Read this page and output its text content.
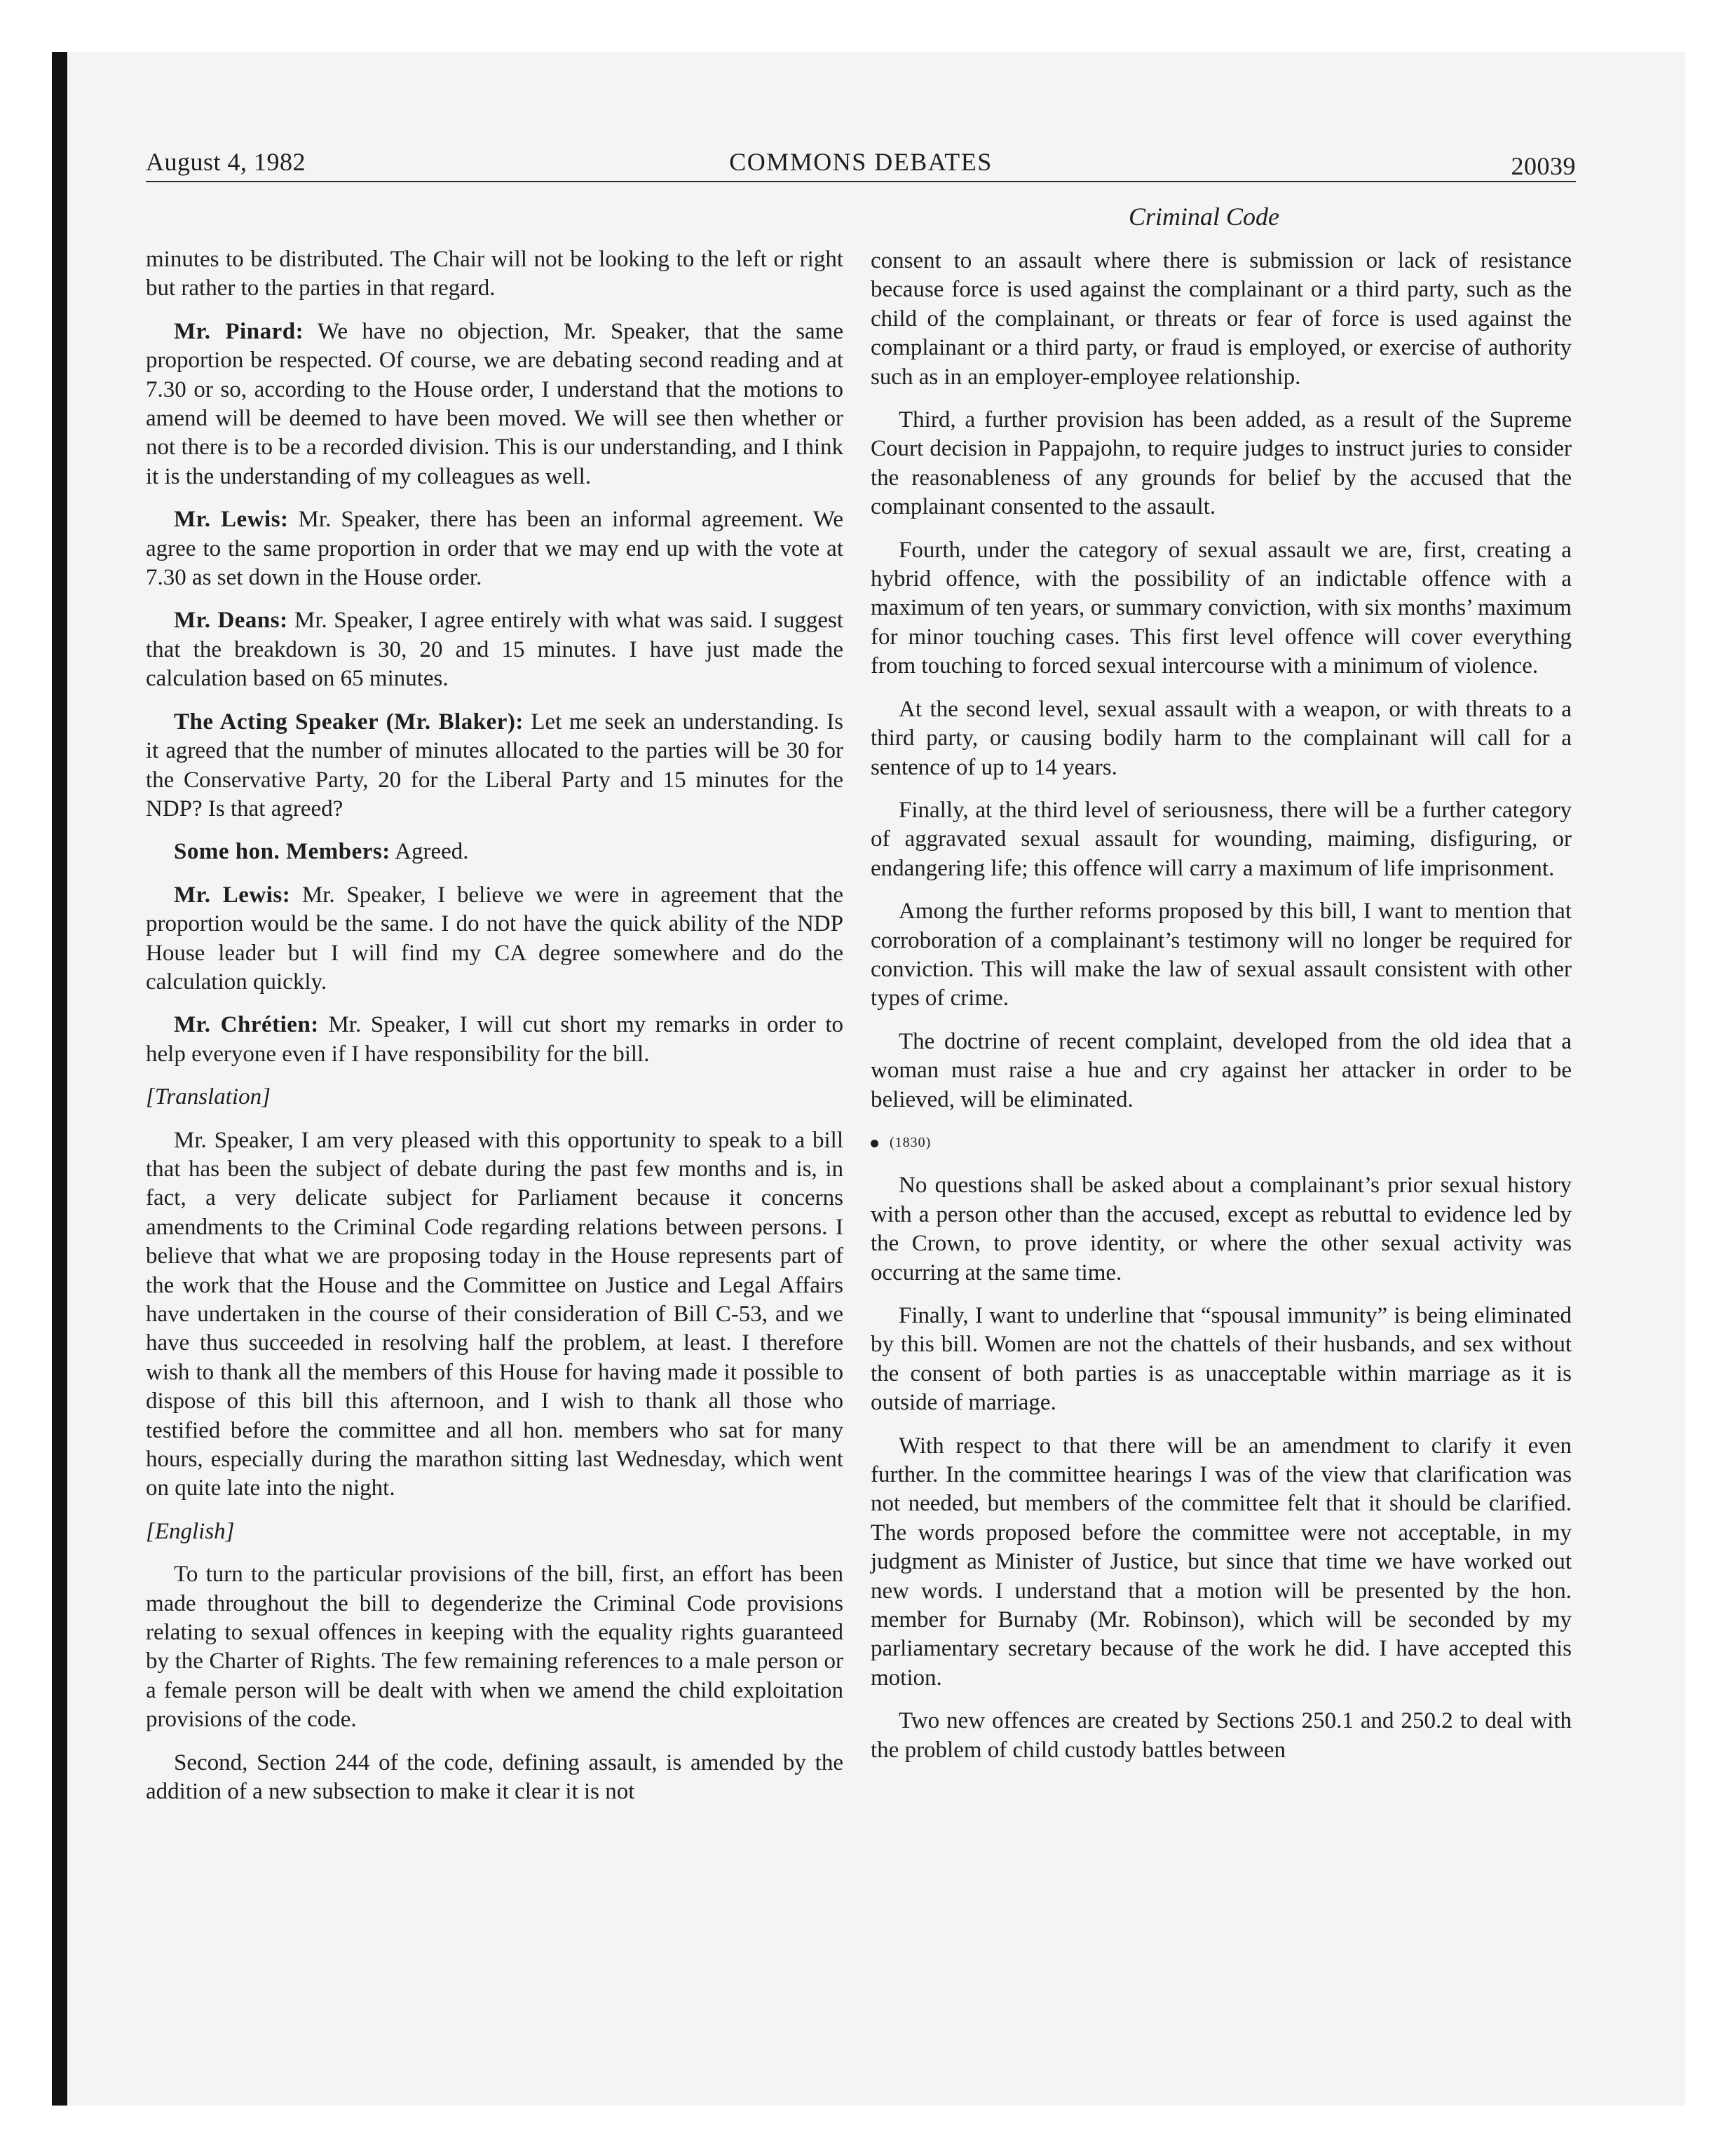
August 4, 1982	COMMONS DEBATES	20039
Criminal Code

minutes to be distributed. The Chair will not be looking to the left or right but rather to the parties in that regard.

Mr. Pinard: We have no objection, Mr. Speaker, that the same proportion be respected. Of course, we are debating second reading and at 7.30 or so, according to the House order, I understand that the motions to amend will be deemed to have been moved. We will see then whether or not there is to be a recorded division. This is our understanding, and I think it is the understanding of my colleagues as well.

Mr. Lewis: Mr. Speaker, there has been an informal agreement. We agree to the same proportion in order that we may end up with the vote at 7.30 as set down in the House order.

Mr. Deans: Mr. Speaker, I agree entirely with what was said. I suggest that the breakdown is 30, 20 and 15 minutes. I have just made the calculation based on 65 minutes.

The Acting Speaker (Mr. Blaker): Let me seek an understanding. Is it agreed that the number of minutes allocated to the parties will be 30 for the Conservative Party, 20 for the Liberal Party and 15 minutes for the NDP? Is that agreed?

Some hon. Members: Agreed.

Mr. Lewis: Mr. Speaker, I believe we were in agreement that the proportion would be the same. I do not have the quick ability of the NDP House leader but I will find my CA degree somewhere and do the calculation quickly.

Mr. Chrétien: Mr. Speaker, I will cut short my remarks in order to help everyone even if I have responsibility for the bill.

[Translation]

Mr. Speaker, I am very pleased with this opportunity to speak to a bill that has been the subject of debate during the past few months and is, in fact, a very delicate subject for Parliament because it concerns amendments to the Criminal Code regarding relations between persons. I believe that what we are proposing today in the House represents part of the work that the House and the Committee on Justice and Legal Affairs have undertaken in the course of their consideration of Bill C-53, and we have thus succeeded in resolving half the problem, at least. I therefore wish to thank all the members of this House for having made it possible to dispose of this bill this afternoon, and I wish to thank all those who testified before the committee and all hon. members who sat for many hours, especially during the marathon sitting last Wednesday, which went on quite late into the night.

[English]

To turn to the particular provisions of the bill, first, an effort has been made throughout the bill to degenderize the Criminal Code provisions relating to sexual offences in keeping with the equality rights guaranteed by the Charter of Rights. The few remaining references to a male person or a female person will be dealt with when we amend the child exploitation provisions of the code.

Second, Section 244 of the code, defining assault, is amended by the addition of a new subsection to make it clear it is not

consent to an assault where there is submission or lack of resistance because force is used against the complainant or a third party, such as the child of the complainant, or threats or fear of force is used against the complainant or a third party, or fraud is employed, or exercise of authority such as in an employer-employee relationship.

Third, a further provision has been added, as a result of the Supreme Court decision in Pappajohn, to require judges to instruct juries to consider the reasonableness of any grounds for belief by the accused that the complainant consented to the assault.

Fourth, under the category of sexual assault we are, first, creating a hybrid offence, with the possibility of an indictable offence with a maximum of ten years, or summary conviction, with six months’ maximum for minor touching cases. This first level offence will cover everything from touching to forced sexual intercourse with a minimum of violence.

At the second level, sexual assault with a weapon, or with threats to a third party, or causing bodily harm to the complainant will call for a sentence of up to 14 years.

Finally, at the third level of seriousness, there will be a further category of aggravated sexual assault for wounding, maiming, disfiguring, or endangering life; this offence will carry a maximum of life imprisonment.

Among the further reforms proposed by this bill, I want to mention that corroboration of a complainant’s testimony will no longer be required for conviction. This will make the law of sexual assault consistent with other types of crime.

The doctrine of recent complaint, developed from the old idea that a woman must raise a hue and cry against her attacker in order to be believed, will be eliminated.

(1830)

No questions shall be asked about a complainant’s prior sexual history with a person other than the accused, except as rebuttal to evidence led by the Crown, to prove identity, or where the other sexual activity was occurring at the same time.

Finally, I want to underline that “spousal immunity” is being eliminated by this bill. Women are not the chattels of their husbands, and sex without the consent of both parties is as unacceptable within marriage as it is outside of marriage.

With respect to that there will be an amendment to clarify it even further. In the committee hearings I was of the view that clarification was not needed, but members of the committee felt that it should be clarified. The words proposed before the committee were not acceptable, in my judgment as Minister of Justice, but since that time we have worked out new words. I understand that a motion will be presented by the hon. member for Burnaby (Mr. Robinson), which will be seconded by my parliamentary secretary because of the work he did. I have accepted this motion.

Two new offences are created by Sections 250.1 and 250.2 to deal with the problem of child custody battles between
